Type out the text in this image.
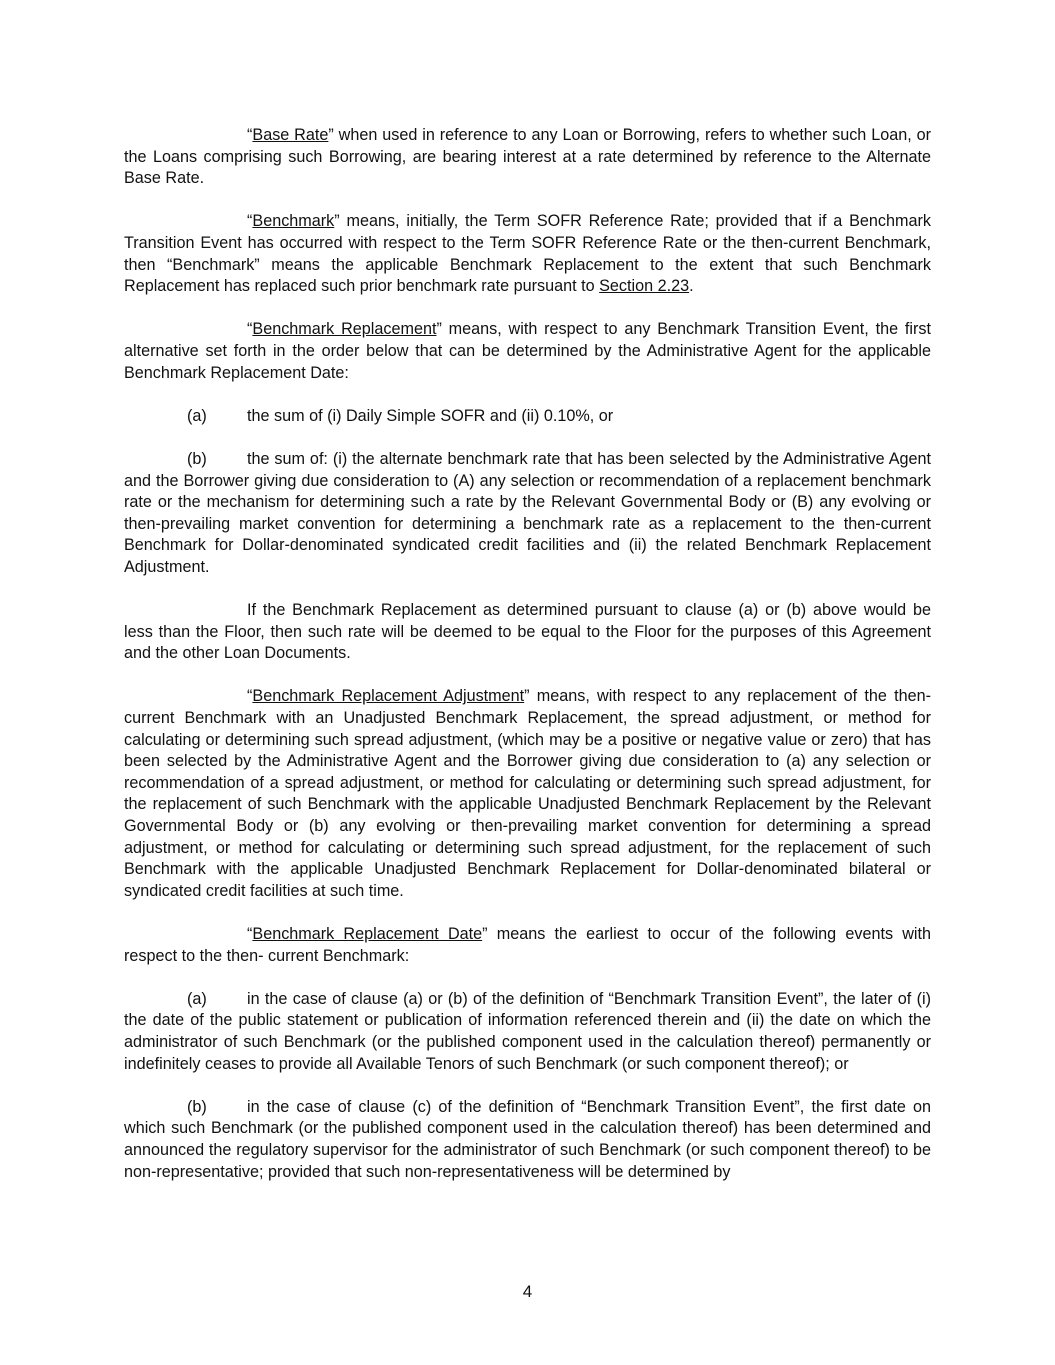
“Base Rate” when used in reference to any Loan or Borrowing, refers to whether such Loan, or the Loans comprising such Borrowing, are bearing interest at a rate determined by reference to the Alternate Base Rate.

“Benchmark” means, initially, the Term SOFR Reference Rate; provided that if a Benchmark Transition Event has occurred with respect to the Term SOFR Reference Rate or the then-current Benchmark, then “Benchmark” means the applicable Benchmark Replacement to the extent that such Benchmark Replacement has replaced such prior benchmark rate pursuant to Section 2.23.

“Benchmark Replacement” means, with respect to any Benchmark Transition Event, the first alternative set forth in the order below that can be determined by the Administrative Agent for the applicable Benchmark Replacement Date:

(a) the sum of (i) Daily Simple SOFR and (ii) 0.10%, or

(b) the sum of: (i) the alternate benchmark rate that has been selected by the Administrative Agent and the Borrower giving due consideration to (A) any selection or recommendation of a replacement benchmark rate or the mechanism for determining such a rate by the Relevant Governmental Body or (B) any evolving or then-prevailing market convention for determining a benchmark rate as a replacement to the then-current Benchmark for Dollar-denominated syndicated credit facilities and (ii) the related Benchmark Replacement Adjustment.

If the Benchmark Replacement as determined pursuant to clause (a) or (b) above would be less than the Floor, then such rate will be deemed to be equal to the Floor for the purposes of this Agreement and the other Loan Documents.

“Benchmark Replacement Adjustment” means, with respect to any replacement of the then-current Benchmark with an Unadjusted Benchmark Replacement, the spread adjustment, or method for calculating or determining such spread adjustment, (which may be a positive or negative value or zero) that has been selected by the Administrative Agent and the Borrower giving due consideration to (a) any selection or recommendation of a spread adjustment, or method for calculating or determining such spread adjustment, for the replacement of such Benchmark with the applicable Unadjusted Benchmark Replacement by the Relevant Governmental Body or (b) any evolving or then-prevailing market convention for determining a spread adjustment, or method for calculating or determining such spread adjustment, for the replacement of such Benchmark with the applicable Unadjusted Benchmark Replacement for Dollar-denominated bilateral or syndicated credit facilities at such time.

“Benchmark Replacement Date” means the earliest to occur of the following events with respect to the then- current Benchmark:

(a) in the case of clause (a) or (b) of the definition of “Benchmark Transition Event”, the later of (i) the date of the public statement or publication of information referenced therein and (ii) the date on which the administrator of such Benchmark (or the published component used in the calculation thereof) permanently or indefinitely ceases to provide all Available Tenors of such Benchmark (or such component thereof); or

(b) in the case of clause (c) of the definition of “Benchmark Transition Event”, the first date on which such Benchmark (or the published component used in the calculation thereof) has been determined and announced the regulatory supervisor for the administrator of such Benchmark (or such component thereof) to be non-representative; provided that such non-representativeness will be determined by

4
